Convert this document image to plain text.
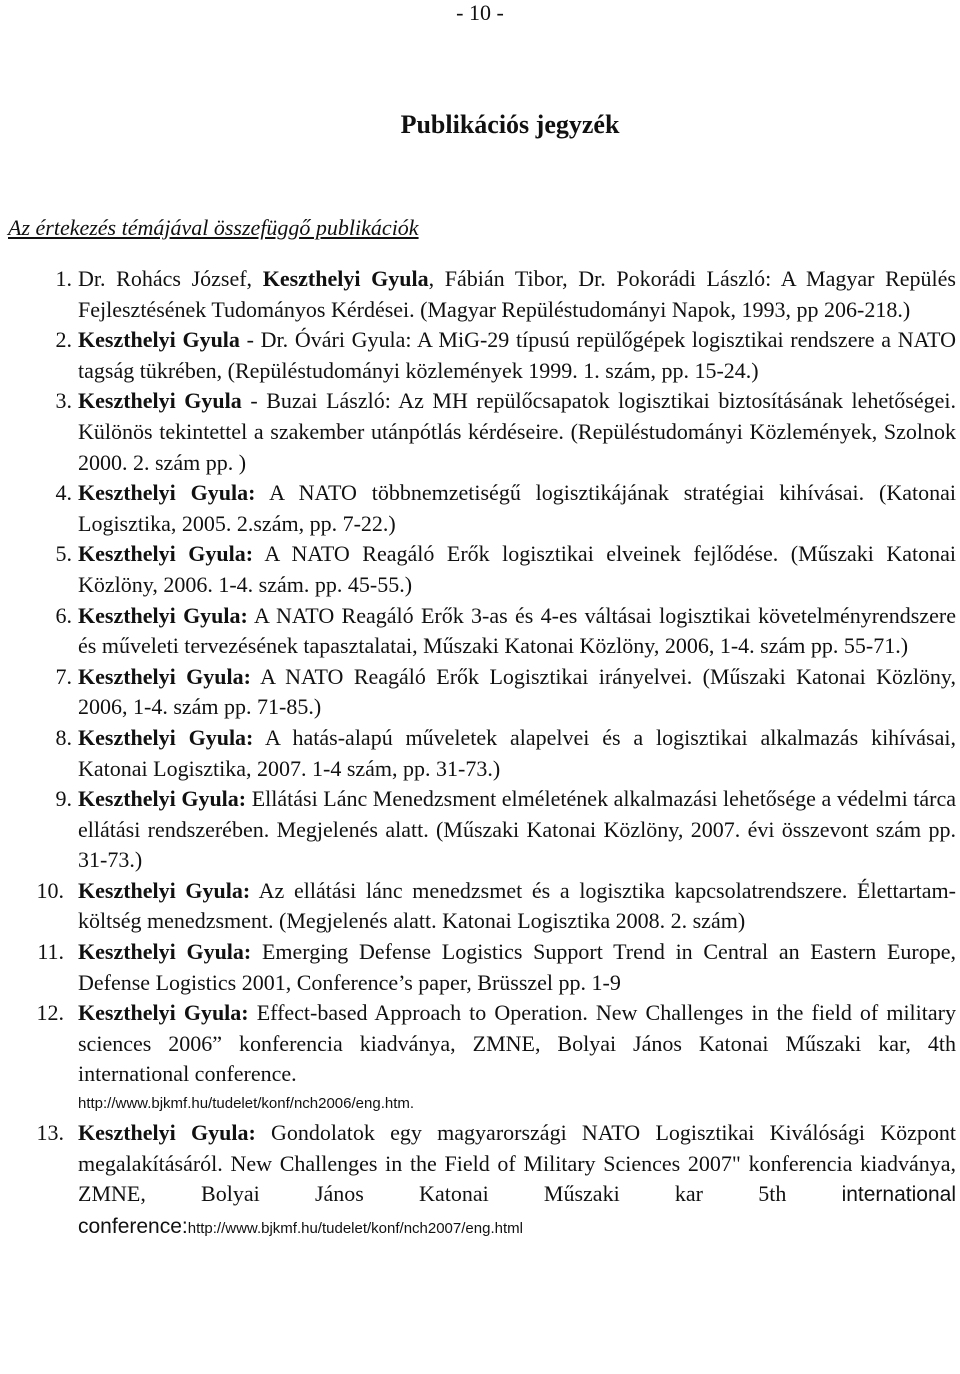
- 10 -
Publikációs jegyzék
Az értekezés témájával összefüggő publikációk
1. Dr. Rohács József, Keszthelyi Gyula, Fábián Tibor, Dr. Pokorádi László: A Magyar Repülés Fejlesztésének Tudományos Kérdései. (Magyar Repüléstudományi Napok, 1993, pp 206-218.)
2. Keszthelyi Gyula - Dr. Óvári Gyula: A MiG-29 típusú repülőgépek logisztikai rendszere a NATO tagság tükrében, (Repüléstudományi közlemények 1999. 1. szám, pp. 15-24.)
3. Keszthelyi Gyula - Buzai László: Az MH repülőcsapatok logisztikai biztosításának lehetőségei. Különös tekintettel a szakember utánpótlás kérdéseire. (Repüléstudományi Közlemények, Szolnok 2000. 2. szám pp. )
4. Keszthelyi Gyula: A NATO többnemzetiségű logisztikájának stratégiai kihívásai. (Katonai Logisztika, 2005. 2.szám, pp. 7-22.)
5. Keszthelyi Gyula: A NATO Reagáló Erők logisztikai elveinek fejlődése. (Műszaki Katonai Közlöny, 2006. 1-4. szám. pp. 45-55.)
6. Keszthelyi Gyula: A NATO Reagáló Erők 3-as és 4-es váltásai logisztikai követelményrendszere és műveleti tervezésének tapasztalatai, Műszaki Katonai Közlöny, 2006, 1-4. szám pp. 55-71.)
7. Keszthelyi Gyula: A NATO Reagáló Erők Logisztikai irányelvei. (Műszaki Katonai Közlöny, 2006, 1-4. szám pp. 71-85.)
8. Keszthelyi Gyula: A hatás-alapú műveletek alapelvei és a logisztikai alkalmazás kihívásai, Katonai Logisztika, 2007. 1-4 szám, pp. 31-73.)
9. Keszthelyi Gyula: Ellátási Lánc Menedzsment elméletének alkalmazási lehetősége a védelmi tárca ellátási rendszerében. Megjelenés alatt. (Műszaki Katonai Közlöny, 2007. évi összevont szám pp. 31-73.)
10. Keszthelyi Gyula: Az ellátási lánc menedzsmet és a logisztika kapcsolatrendszere. Élettartam-költség menedzsment. (Megjelenés alatt. Katonai Logisztika 2008. 2. szám)
11. Keszthelyi Gyula: Emerging Defense Logistics Support Trend in Central an Eastern Europe, Defense Logistics 2001, Conference’s paper, Brüsszel pp. 1-9
12. Keszthelyi Gyula: Effect-based Approach to Operation. New Challenges in the field of military sciences 2006” konferencia kiadványa, ZMNE, Bolyai János Katonai Műszaki kar, 4th international conference.
http://www.bjkmf.hu/tudelet/konf/nch2006/eng.htm.
13. Keszthelyi Gyula: Gondolatok egy magyarországi NATO Logisztikai Kiválósági Központ megalakításáról. New Challenges in the Field of Military Sciences 2007" konferencia kiadványa, ZMNE, Bolyai János Katonai Műszaki kar 5th international conference:http://www.bjkmf.hu/tudelet/konf/nch2007/eng.html
